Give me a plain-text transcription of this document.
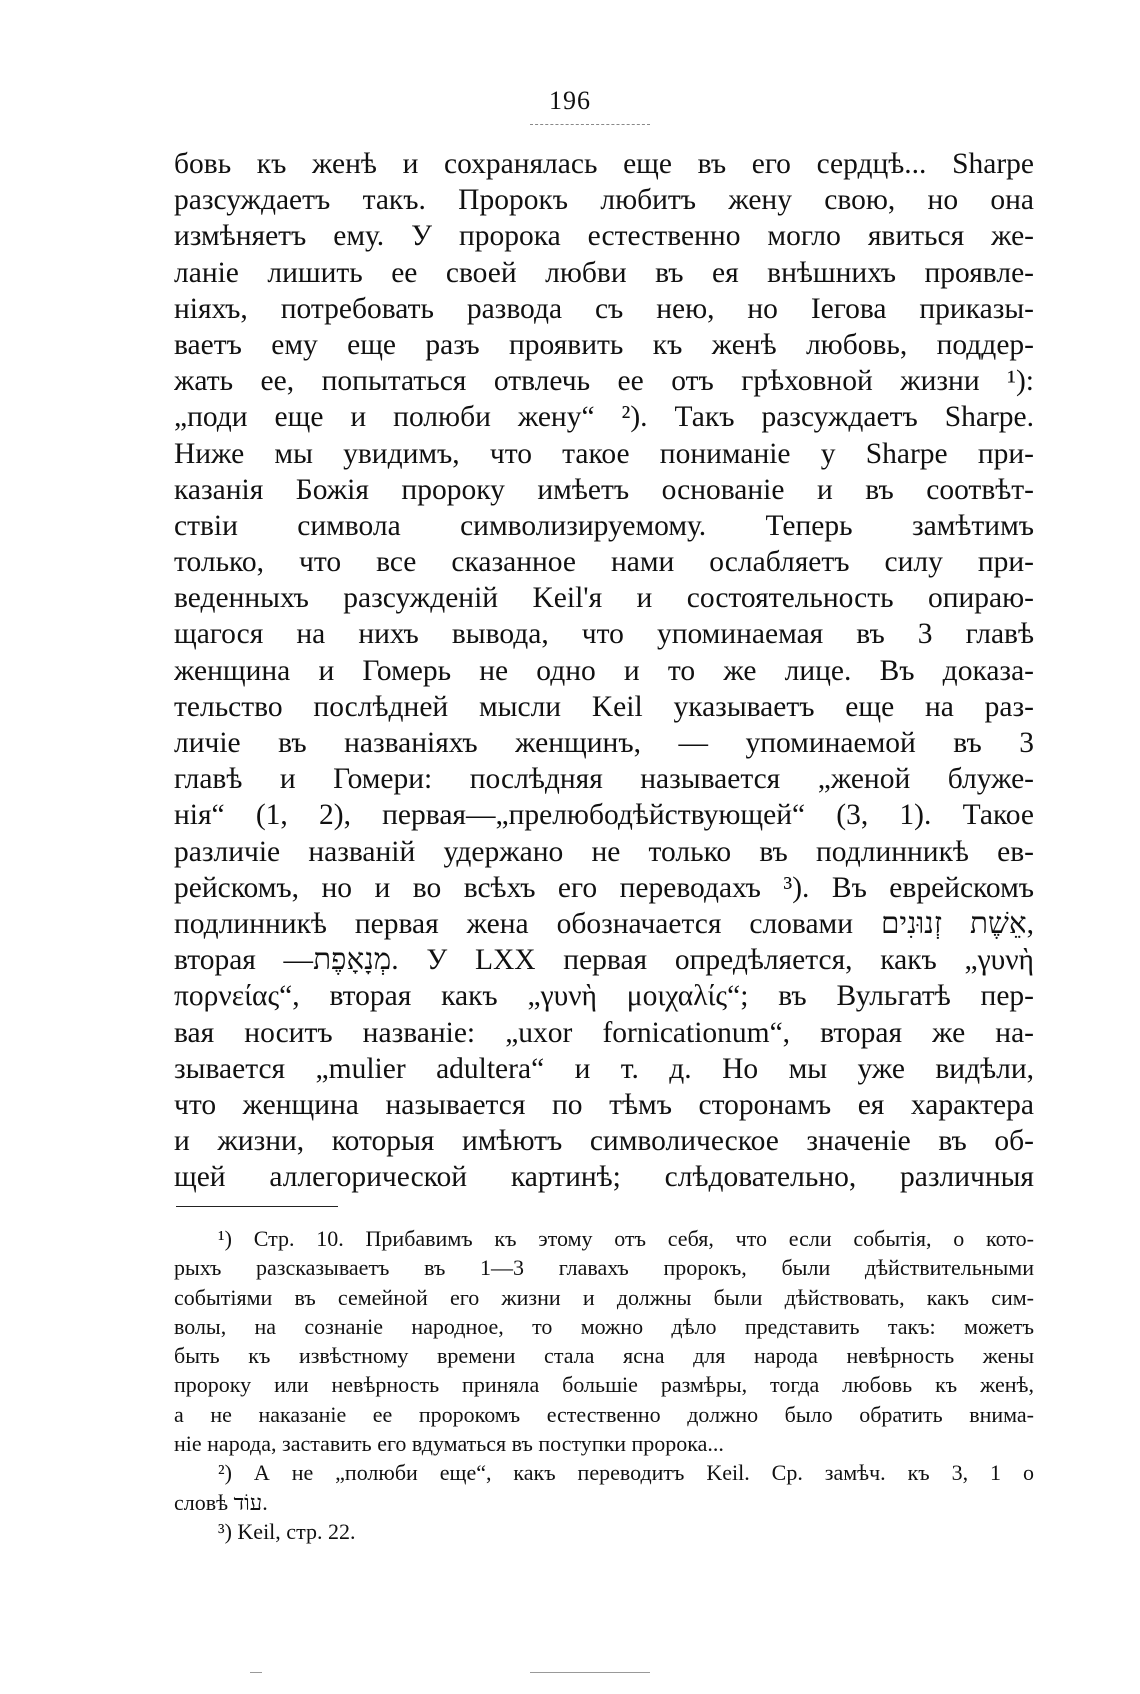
196
бовь къ женѣ и сохранялась еще въ его сердцѣ... Sharpe
разсуждаетъ такъ. Пророкъ любитъ жену свою, но она
измѣняетъ ему. У пророка естественно могло явиться же-
ланіе лишить ее своей любви въ ея внѣшнихъ проявле-
ніяхъ, потребовать развода съ нею, но Іегова приказы-
ваетъ ему еще разъ проявить къ женѣ любовь, поддер-
жать ее, попытаться отвлечь ее отъ грѣховной жизни ¹):
„поди еще и полюби жену“ ²). Такъ разсуждаетъ Sharpe.
Ниже мы увидимъ, что такое пониманіе у Sharpe при-
казанія Божія пророку имѣетъ основаніе и въ соотвѣт-
ствіи символа символизируемому. Теперь замѣтимъ
только, что все сказанное нами ослабляетъ силу при-
веденныхъ разсужденій Keil'я и состоятельность опираю-
щагося на нихъ вывода, что упоминаемая въ 3 главѣ
женщина и Гомерь не одно и то же лице. Въ доказа-
тельство послѣдней мысли Keil указываетъ еще на раз-
личіе въ названіяхъ женщинъ, — упоминаемой въ 3
главѣ и Гомери: послѣдняя называется „женой блуже-
нія“ (1, 2), первая—„прелюбодѣйствующей“ (3, 1). Такое
различіе названій удержано не только въ подлинникѣ ев-
рейскомъ, но и во всѣхъ его переводахъ ³). Въ еврейскомъ
подлинникѣ первая жена обозначается словами אֵשֶׁת זְנוּנִים,
вторая —מְנָאָפֶת. У LXX первая опредѣляется, какъ „γυνὴ
πορνείας“, вторая какъ „γυνὴ μοιχαλίς“; въ Вульгатѣ пер-
вая носитъ названіе: „uxor fornicationum“, вторая же на-
зывается „mulier adultera“ и т. д. Но мы уже видѣли,
что женщина называется по тѣмъ сторонамъ ея характера
и жизни, которыя имѣютъ символическое значеніе въ об-
щей аллегорической картинѣ; слѣдовательно, различныя
¹) Стр. 10. Прибавимъ къ этому отъ себя, что если событія, о кото-
рыхъ разсказываетъ въ 1—3 главахъ пророкъ, были дѣйствительными
событіями въ семейной его жизни и должны были дѣйствовать, какъ сим-
волы, на сознаніе народное, то можно дѣло представить такъ: можетъ
быть къ извѣстному времени стала ясна для народа невѣрность жены
пророку или невѣрность приняла большіе размѣры, тогда любовь къ женѣ,
а не наказаніе ее пророкомъ естественно должно было обратить внима-
ніе народа, заставить его вдуматься въ поступки пророка...
²) А не „полюби еще“, какъ переводитъ Keil. Ср. замѣч. къ 3, 1 о
словѣ עוֹד.
³) Keil, стр. 22.
